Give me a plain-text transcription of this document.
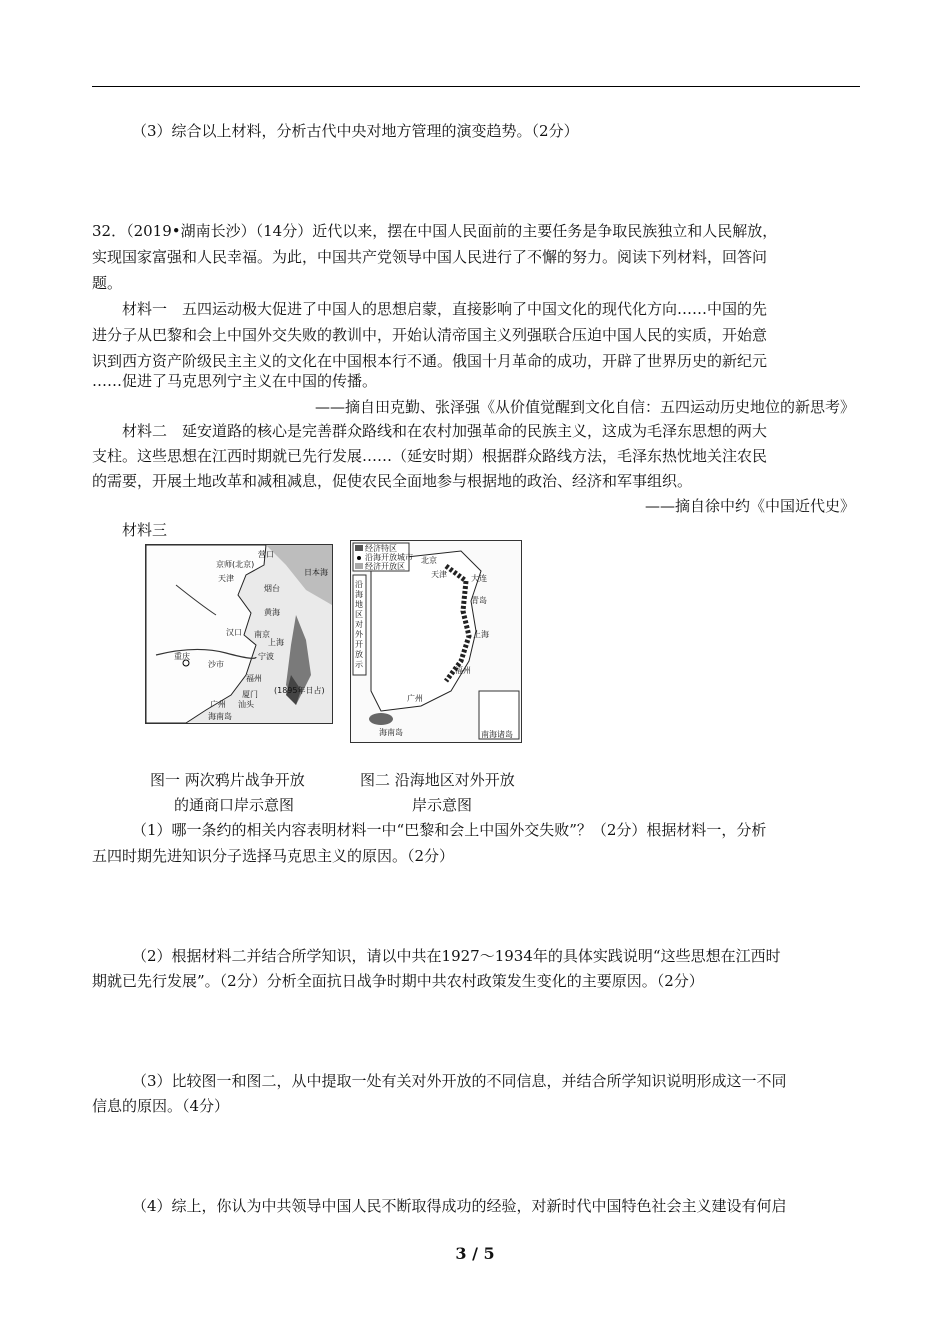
（3）综合以上材料，分析古代中央对地方管理的演变趋势。（2分）
32．（2019•湖南长沙）（14分）近代以来，摆在中国人民面前的主要任务是争取民族独立和人民解放，
实现国家富强和人民幸福。为此，中国共产党领导中国人民进行了不懈的努力。阅读下列材料，回答问
题。
材料一　五四运动极大促进了中国人的思想启蒙，直接影响了中国文化的现代化方向……中国的先
进分子从巴黎和会上中国外交失败的教训中，开始认清帝国主义列强联合压迫中国人民的实质，开始意
识到西方资产阶级民主主义的文化在中国根本行不通。俄国十月革命的成功，开辟了世界历史的新纪元
……促进了马克思列宁主义在中国的传播。
——摘自田克勤、张泽强《从价值觉醒到文化自信：五四运动历史地位的新思考》
材料二　延安道路的核心是完善群众路线和在农村加强革命的民族主义，这成为毛泽东思想的两大
支柱。这些思想在江西时期就已先行发展……（延安时期）根据群众路线方法，毛泽东热忱地关注农民
的需要，开展土地改革和减租减息，促使农民全面地参与根据地的政治、经济和军事组织。
——摘自徐中约《中国近代史》
材料三
营口
京师(北京)
天津
烟台
黄海
日本海
汉口 南京
上海
宁波
重庆
沙市
福州
厦门
广州 汕头
海南岛
(1895年日占)
经济特区
沿海开放城市
经济开放区
沿
海
地
区
对
外
开
放
示
北京
天津	大连
青岛
上海
福州
广州
海南岛	南海诸岛
图一 两次鸦片战争开放
的通商口岸示意图
图二 沿海地区对外开放
岸示意图
（1）哪一条约的相关内容表明材料一中“巴黎和会上中国外交失败”？（2分）根据材料一，分析
五四时期先进知识分子选择马克思主义的原因。（2分）
（2）根据材料二并结合所学知识，请以中共在1927～1934年的具体实践说明“这些思想在江西时
期就已先行发展”。（2分）分析全面抗日战争时期中共农村政策发生变化的主要原因。（2分）
（3）比较图一和图二，从中提取一处有关对外开放的不同信息，并结合所学知识说明形成这一不同
信息的原因。（4分）
（4）综上，你认为中共领导中国人民不断取得成功的经验，对新时代中国特色社会主义建设有何启
3 / 5
